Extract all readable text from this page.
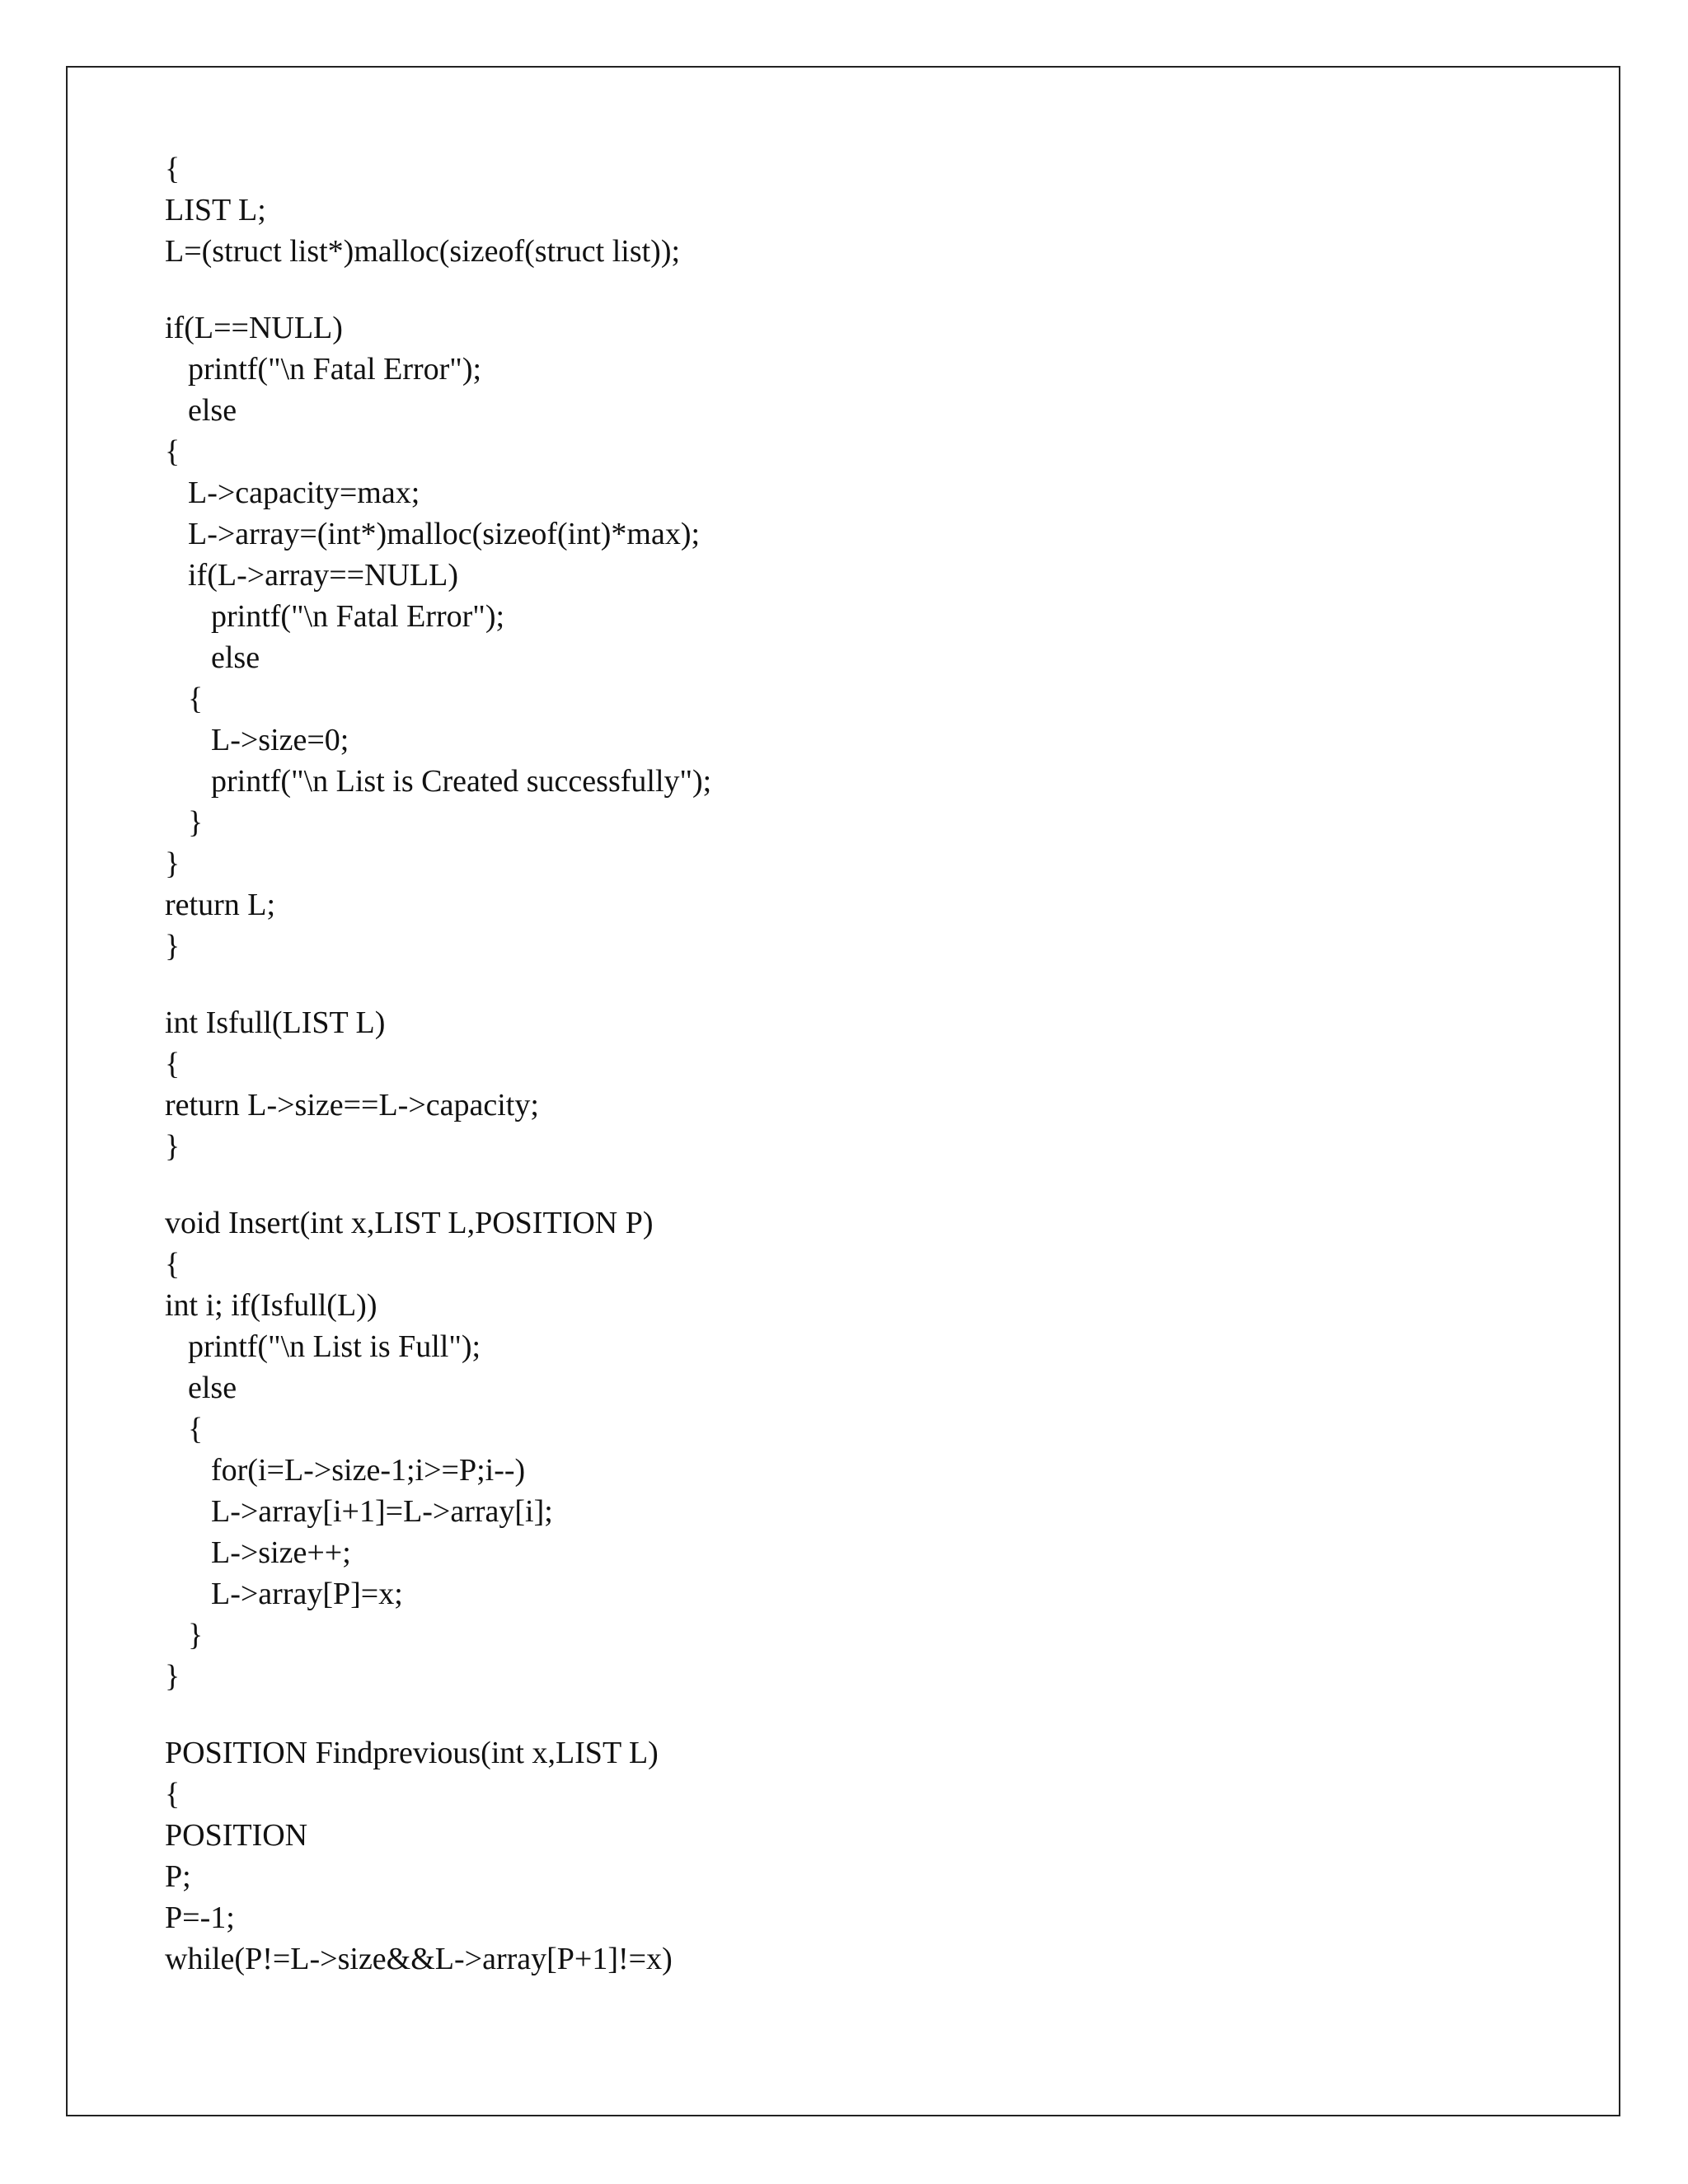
{
LIST L;
L=(struct list*)malloc(sizeof(struct list));
if(L==NULL)
printf("\n Fatal Error");
else
{
L->capacity=max;
L->array=(int*)malloc(sizeof(int)*max);
if(L->array==NULL)
printf("\n Fatal Error");
else
{
L->size=0;
printf("\n List is Created successfully");
}
}
return L;
}
int Isfull(LIST L)
{
return L->size==L->capacity;
}
void Insert(int x,LIST L,POSITION P)
{
int i; if(Isfull(L))
printf("\n List is Full");
else
{
for(i=L->size-1;i>=P;i--)
L->array[i+1]=L->array[i];
L->size++;
L->array[P]=x;
}
}
POSITION Findprevious(int x,LIST L)
{
POSITION
P;
P=-1;
while(P!=L->size&&L->array[P+1]!=x)
